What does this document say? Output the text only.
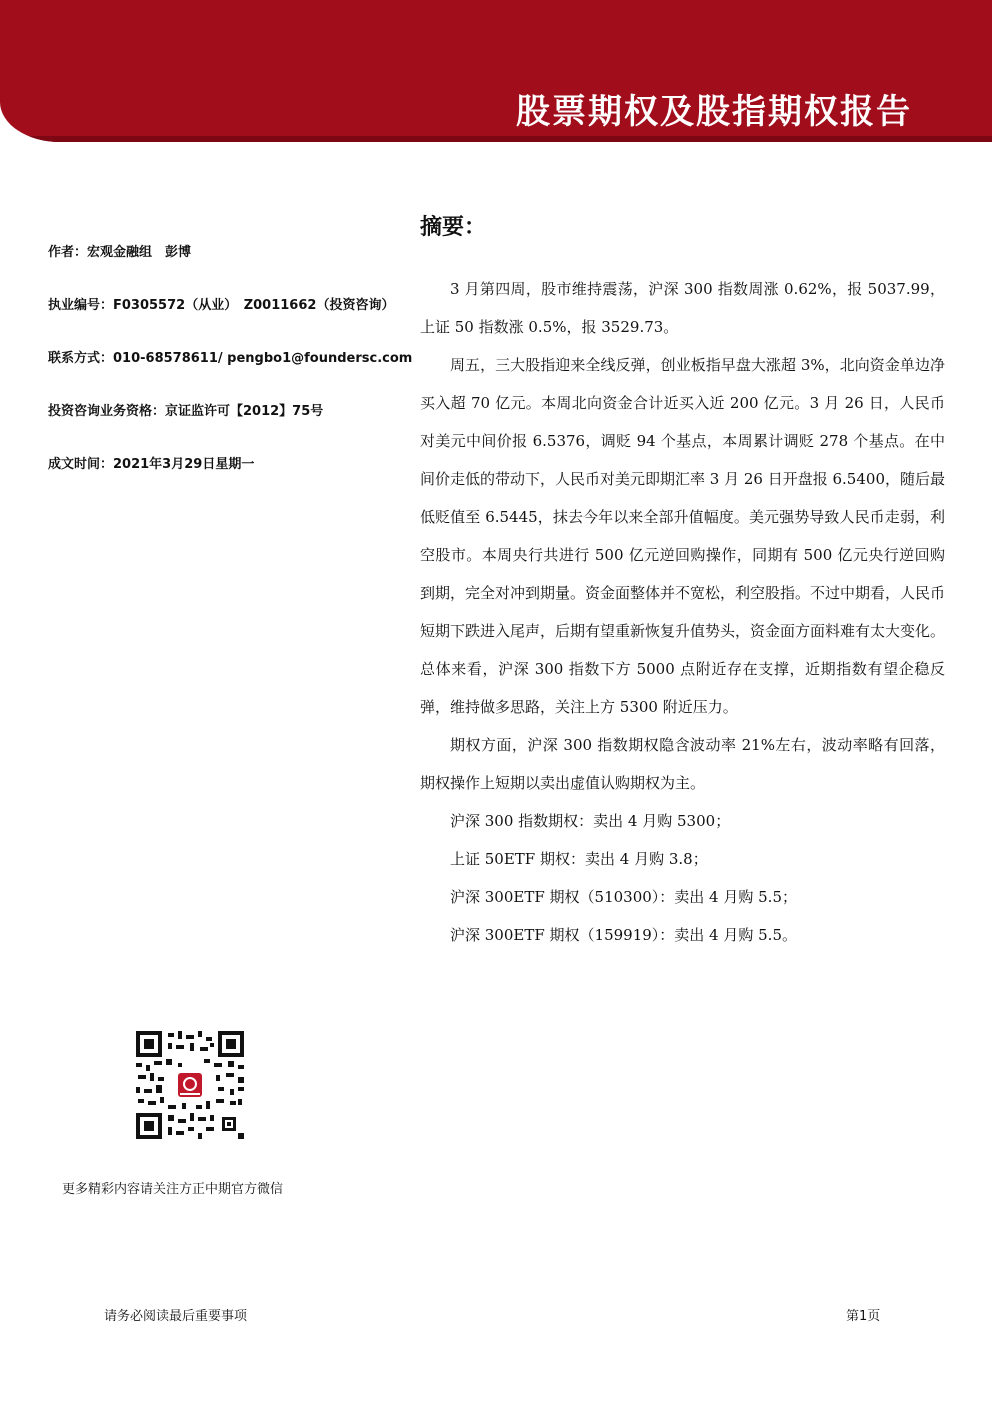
股票期权及股指期权报告
作者：宏观金融组　彭博
执业编号：F0305572（从业）　Z0011662（投资咨询）
联系方式：010-68578611/ pengbo1@foundersc.com
投资咨询业务资格：京证监许可【2012】75号
成文时间：2021年3月29日星期一
摘要：

3 月第四周，股市维持震荡，沪深 300 指数周涨 0.62%，报 5037.99，上证 50 指数涨 0.5%，报 3529.73。

周五，三大股指迎来全线反弹，创业板指早盘大涨超 3%，北向资金单边净买入超 70 亿元。本周北向资金合计近买入近 200 亿元。3 月 26 日，人民币对美元中间价报 6.5376，调贬 94 个基点，本周累计调贬 278 个基点。在中间价走低的带动下，人民币对美元即期汇率 3 月 26 日开盘报 6.5400，随后最低贬值至 6.5445，抹去今年以来全部升值幅度。美元强势导致人民币走弱，利空股市。本周央行共进行 500 亿元逆回购操作，同期有 500 亿元央行逆回购到期，完全对冲到期量。资金面整体并不宽松，利空股指。不过中期看，人民币短期下跌进入尾声，后期有望重新恢复升值势头，资金面方面料难有太大变化。总体来看，沪深 300 指数下方 5000 点附近存在支撑，近期指数有望企稳反弹，维持做多思路，关注上方 5300 附近压力。

期权方面，沪深 300 指数期权隐含波动率 21%左右，波动率略有回落，期权操作上短期以卖出虚值认购期权为主。

沪深 300 指数期权：卖出 4 月购 5300；

上证 50ETF 期权：卖出 4 月购 3.8；

沪深 300ETF 期权（510300）：卖出 4 月购 5.5；

沪深 300ETF 期权（159919）：卖出 4 月购 5.5。

更多精彩内容请关注方正中期官方微信
请务必阅读最后重要事项	第1页
